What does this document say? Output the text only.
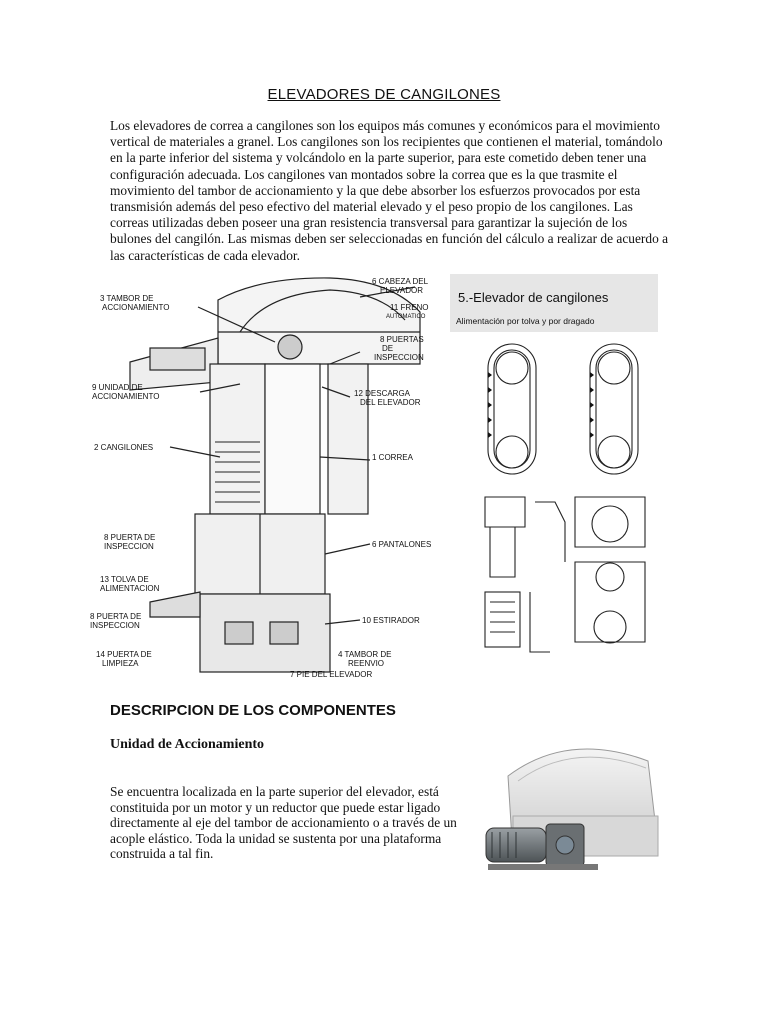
ELEVADORES DE CANGILONES

Los elevadores de correa a cangilones son los equipos más comunes y económicos para el movimiento vertical de materiales a granel. Los cangilones son los recipientes que contienen el material, tomándolo en la parte inferior del sistema y volcándolo en la parte superior, para este cometido deben tener una configuración adecuada. Los cangilones van montados sobre la correa que es la que trasmite el movimiento del tambor de accionamiento y la que debe absorber los esfuerzos provocados por esta transmisión además del peso efectivo del material elevado y el peso propio de los cangilones. Las correas utilizadas deben poseer una gran resistencia transversal para garantizar la sujeción de los bulones del cangilón. Las mismas deben ser seleccionadas en función del cálculo a realizar de acuerdo a las características de cada elevador.

6 CABEZA DEL
ELEVADOR
11 FRENO
AUTOMATICO
3 TAMBOR DE
ACCIONAMIENTO
8 PUERTAS
DE
INSPECCION
9 UNIDAD DE
ACCIONAMIENTO	12 DESCARGA
DEL ELEVADOR
2 CANGILONES
1 CORREA
8 PUERTA DE
INSPECCION	6 PANTALONES
13 TOLVA DE
ALIMENTACION
8 PUERTA DE
INSPECCION
10 ESTIRADOR
14 PUERTA DE
LIMPIEZA
4 TAMBOR DE
REENVIO
7 PIE DEL ELEVADOR
5.-Elevador de cangilones
Alimentación por tolva y por dragado
DESCRIPCION DE LOS COMPONENTES
Unidad de Accionamiento

Se encuentra localizada en la parte superior del elevador, está constituida por un motor y un reductor que puede estar ligado directamente al eje del tambor de accionamiento o a través de un acople elástico. Toda la unidad se sustenta por una plataforma construida a tal fin.
